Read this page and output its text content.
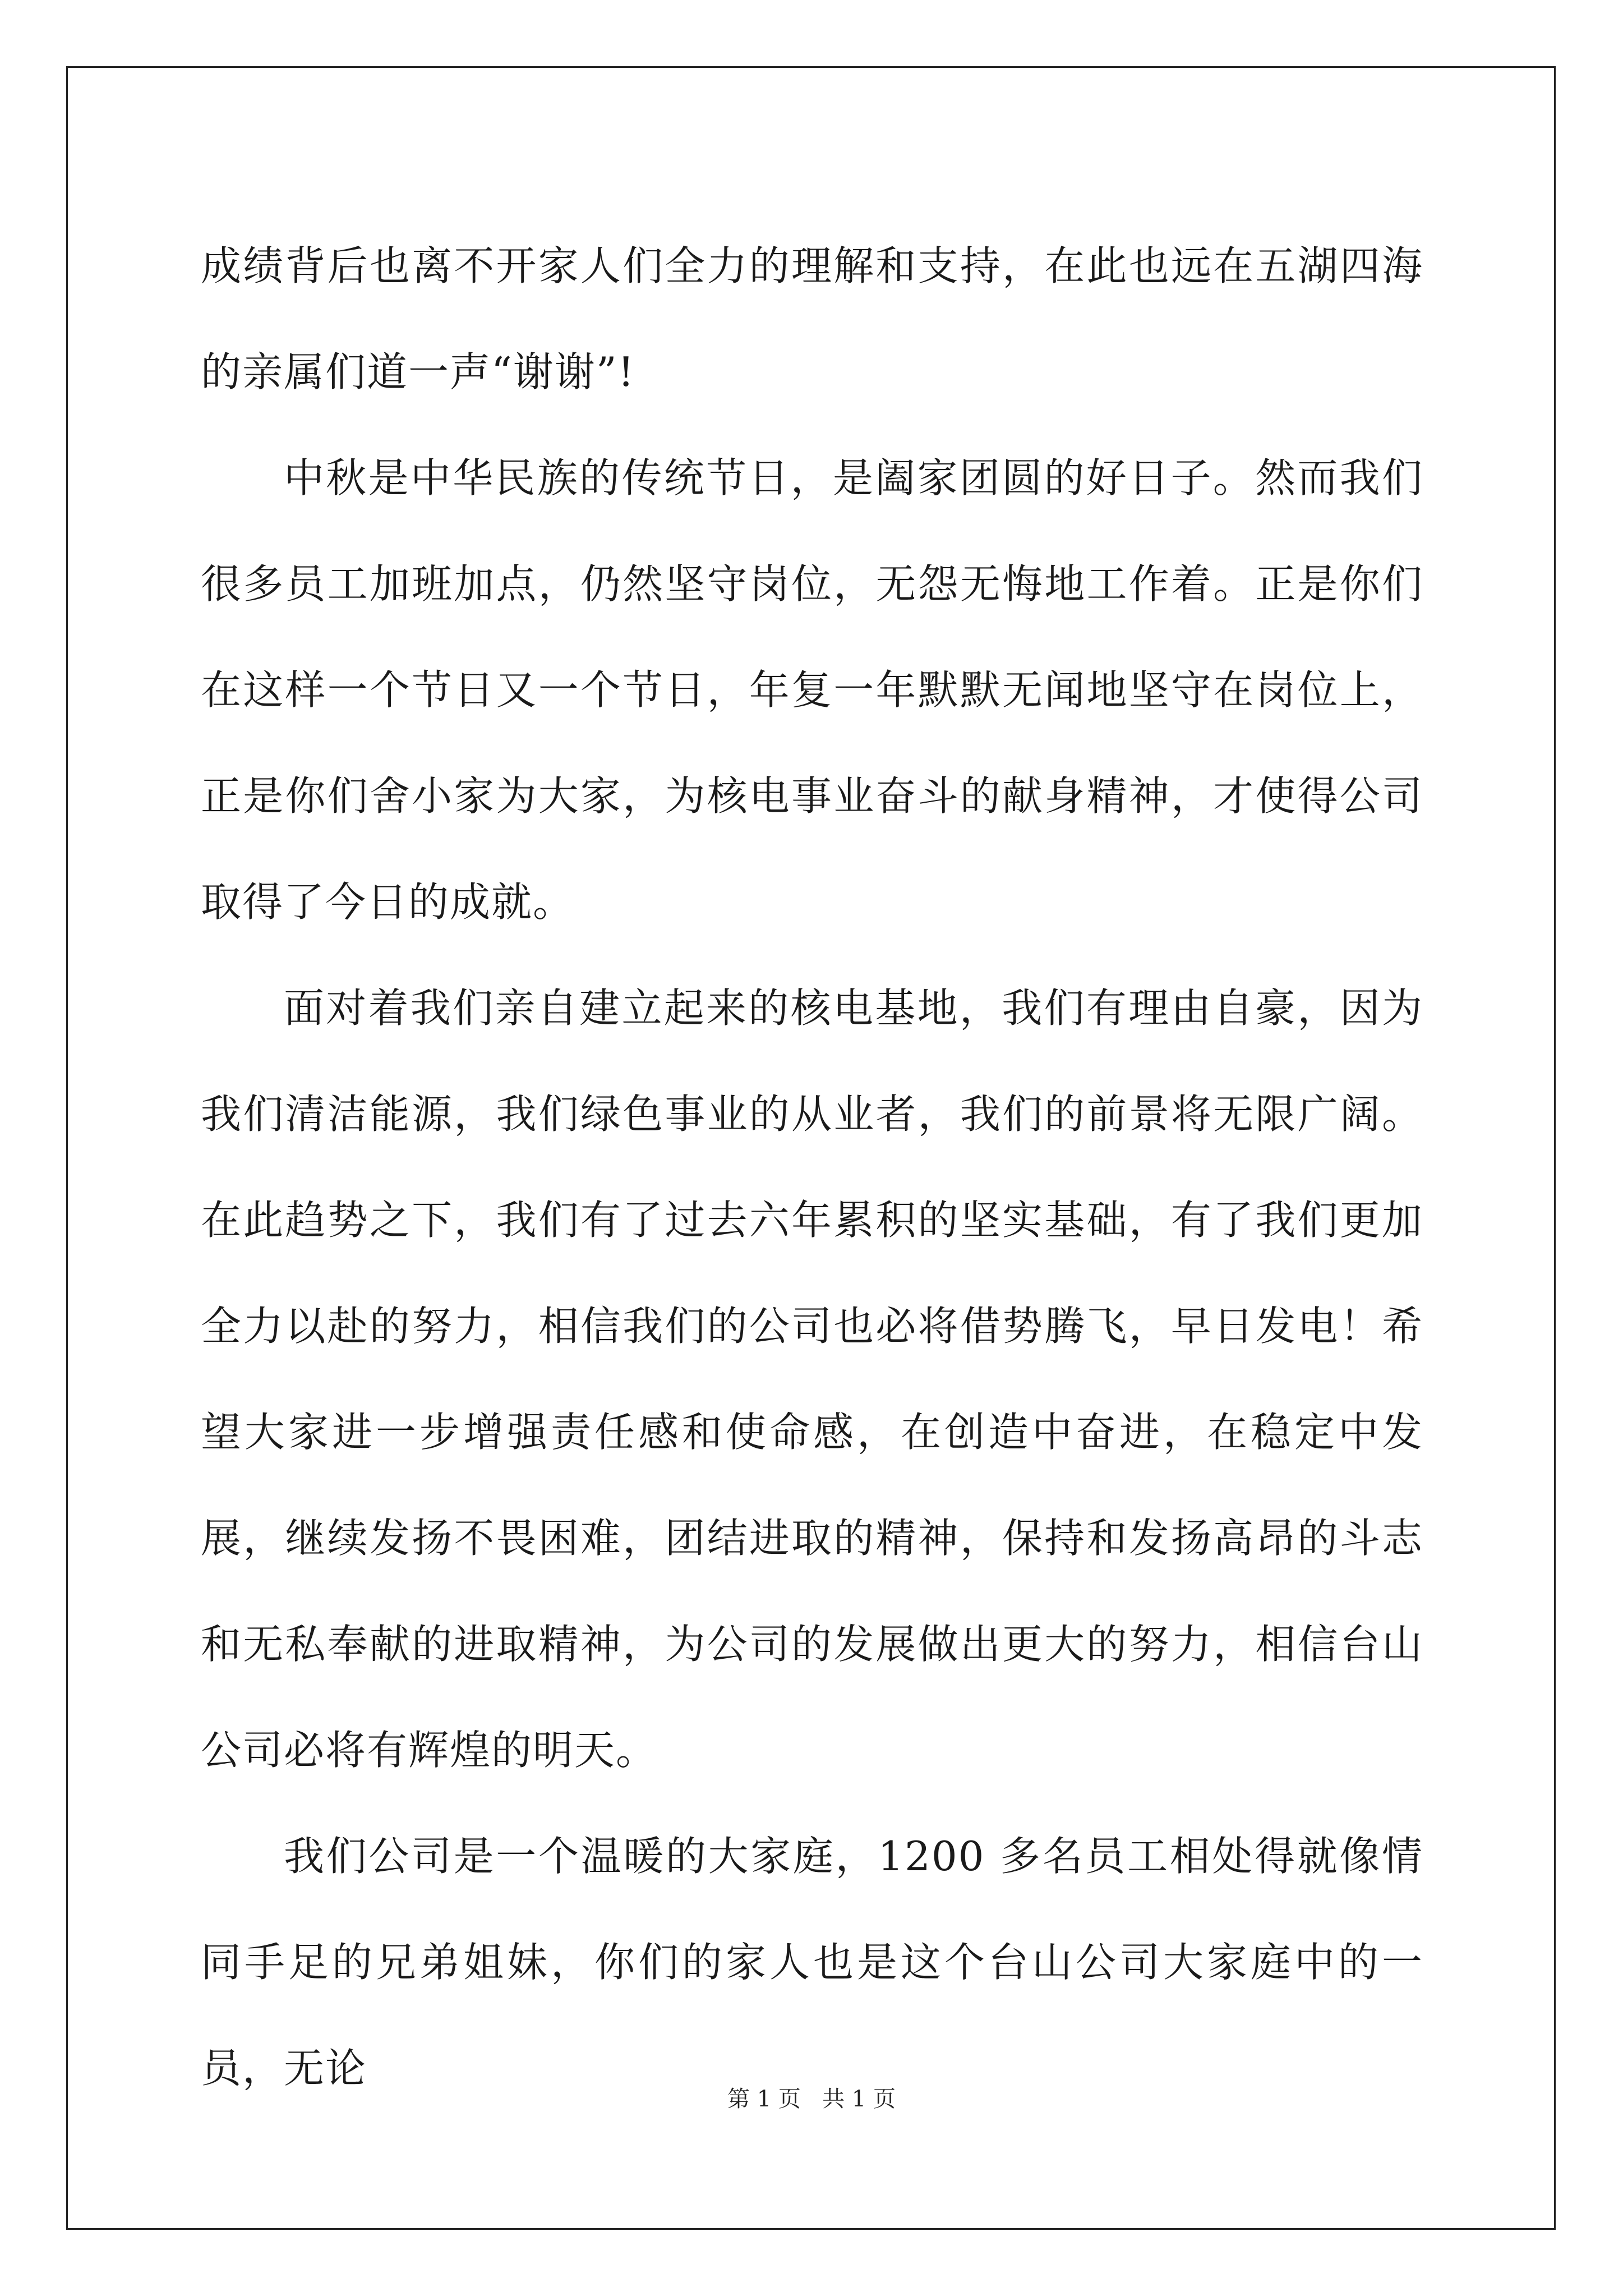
成绩背后也离不开家人们全力的理解和支持，在此也远在五湖四海的亲属们道一声“谢谢”!

中秋是中华民族的传统节日，是阖家团圆的好日子。然而我们很多员工加班加点，仍然坚守岗位，无怨无悔地工作着。正是你们在这样一个节日又一个节日，年复一年默默无闻地坚守在岗位上，正是你们舍小家为大家，为核电事业奋斗的献身精神，才使得公司取得了今日的成就。

面对着我们亲自建立起来的核电基地，我们有理由自豪，因为我们清洁能源，我们绿色事业的从业者，我们的前景将无限广阔。在此趋势之下，我们有了过去六年累积的坚实基础，有了我们更加全力以赴的努力，相信我们的公司也必将借势腾飞，早日发电！希望大家进一步增强责任感和使命感，在创造中奋进，在稳定中发展，继续发扬不畏困难，团结进取的精神，保持和发扬高昂的斗志和无私奉献的进取精神，为公司的发展做出更大的努力，相信台山公司必将有辉煌的明天。

我们公司是一个温暖的大家庭，1200 多名员工相处得就像情同手足的兄弟姐妹，你们的家人也是这个台山公司大家庭中的一员，无论

第 1 页   共 1 页
